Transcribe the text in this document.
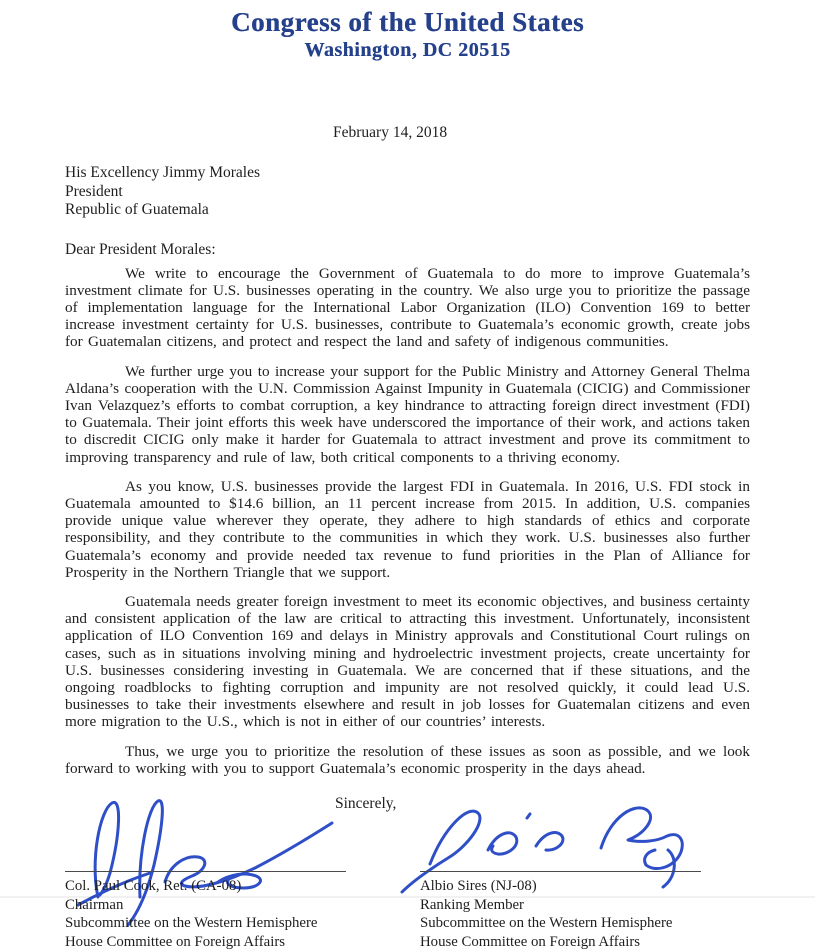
Congress of the United States
Washington, DC 20515
February 14, 2018
His Excellency Jimmy Morales
President
Republic of Guatemala
Dear President Morales:

We write to encourage the Government of Guatemala to do more to improve Guatemala’s investment climate for U.S. businesses operating in the country. We also urge you to prioritize the passage of implementation language for the International Labor Organization (ILO) Convention 169 to better increase investment certainty for U.S. businesses, contribute to Guatemala’s economic growth, create jobs for Guatemalan citizens, and protect and respect the land and safety of indigenous communities.

We further urge you to increase your support for the Public Ministry and Attorney General Thelma Aldana’s cooperation with the U.N. Commission Against Impunity in Guatemala (CICIG) and Commissioner Ivan Velazquez’s efforts to combat corruption, a key hindrance to attracting foreign direct investment (FDI) to Guatemala. Their joint efforts this week have underscored the importance of their work, and actions taken to discredit CICIG only make it harder for Guatemala to attract investment and prove its commitment to improving transparency and rule of law, both critical components to a thriving economy.

As you know, U.S. businesses provide the largest FDI in Guatemala. In 2016, U.S. FDI stock in Guatemala amounted to $14.6 billion, an 11 percent increase from 2015. In addition, U.S. companies provide unique value wherever they operate, they adhere to high standards of ethics and corporate responsibility, and they contribute to the communities in which they work. U.S. businesses also further Guatemala’s economy and provide needed tax revenue to fund priorities in the Plan of Alliance for Prosperity in the Northern Triangle that we support.

Guatemala needs greater foreign investment to meet its economic objectives, and business certainty and consistent application of the law are critical to attracting this investment. Unfortunately, inconsistent application of ILO Convention 169 and delays in Ministry approvals and Constitutional Court rulings on cases, such as in situations involving mining and hydroelectric investment projects, create uncertainty for U.S. businesses considering investing in Guatemala. We are concerned that if these situations, and the ongoing roadblocks to fighting corruption and impunity are not resolved quickly, it could lead U.S. businesses to take their investments elsewhere and result in job losses for Guatemalan citizens and even more migration to the U.S., which is not in either of our countries’ interests.

Thus, we urge you to prioritize the resolution of these issues as soon as possible, and we look forward to working with you to support Guatemala’s economic prosperity in the days ahead.

Sincerely,
Col. Paul Cook, Ret. (CA-08)
Chairman
Subcommittee on the Western Hemisphere
House Committee on Foreign Affairs
Albio Sires (NJ-08)
Ranking Member
Subcommittee on the Western Hemisphere
House Committee on Foreign Affairs
